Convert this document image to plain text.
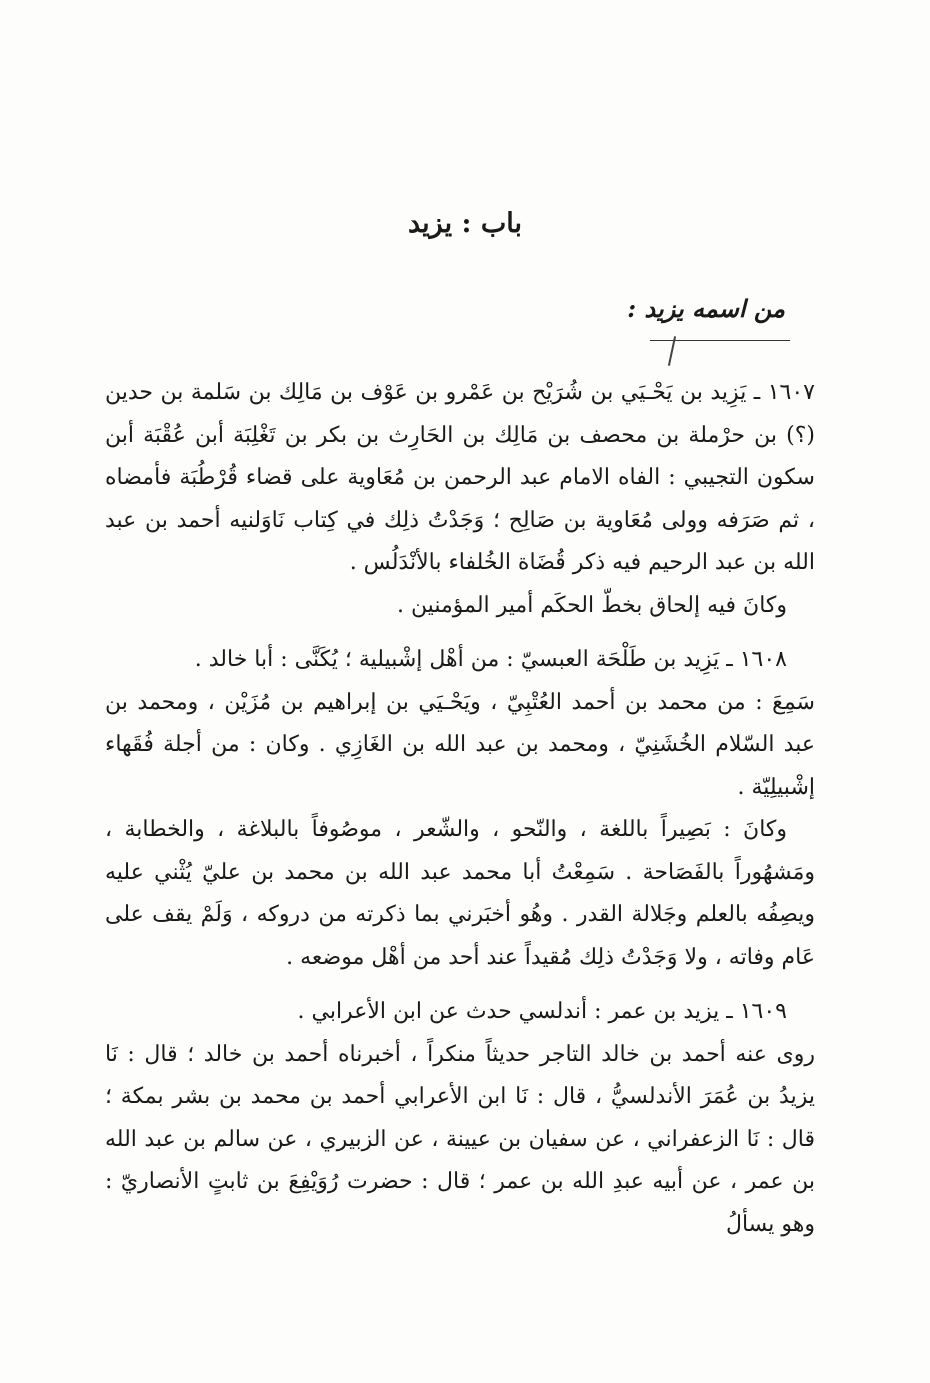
باب : يزيد
من اسمه يزيد :

١٦٠٧ ـ يَزِيد بن يَحْـيَي بن شُرَيْح بن عَمْرو بن عَوْف بن مَالِك بن سَلمة بن حدين (؟) بن حرْملة بن محصف بن مَالِك بن الحَارِث بن بكر بن تَغْلِبَة أبن عُقْبَة أبن سكون التجيبي : الفاه الامام عبد الرحمن بن مُعَاوية على قضاء قُرْطُبَة فأمضاه ، ثم صَرَفه وولى مُعَاوية بن صَالِح ؛ وَجَدْتُ ذلِك في كِتاب نَاوَلنيه أحمد بن عبد الله بن عبد الرحيم فيه ذكر قُضَاة الخُلفاء بالأنْدَلُس .

وكانَ فيه إلحاق بخطّ الحكَم أمير المؤمنين .

١٦٠٨ ـ يَزِيد بن طَلْحَة العبسيّ : من أهْل إشْبيلية ؛ يُكَنَّى : أبا خالد .

سَمِعَ : من محمد بن أحمد العُتْبِيّ ، ويَحْـيَي بن إبراهيم بن مُزَيْن ، ومحمد بن عبد السّلام الخُشَنِيّ ، ومحمد بن عبد الله بن الغَازِي . وكان : من أجلة فُقَهاء إشْبيلِيّة .

وكانَ : بَصِيراً باللغة ، والنّحو ، والشّعر ، موصُوفاً بالبلاغة ، والخطابة ، ومَشهُوراً بالفَصَاحة . سَمِعْتُ أبا محمد عبد الله بن محمد بن عليّ يُثْني عليه ويصِفُه بالعلم وجَلالة القدر . وهُو أخبَرني بما ذكرته من دروكه ، وَلَمْ يقف على عَام وفاته ، ولا وَجَدْتُ ذلِك مُقيداً عند أحد من أهْل موضعه .

١٦٠٩ ـ يزيد بن عمر : أندلسي حدث عن ابن الأعرابي .

روى عنه أحمد بن خالد التاجر حديثاً منكراً ، أخبرناه أحمد بن خالد ؛ قال : نَا يزيدُ بن عُمَرَ الأندلسيُّ ، قال : نَا ابن الأعرابي أحمد بن محمد بن بشر بمكة ؛ قال : نَا الزعفراني ، عن سفيان بن عيينة ، عن الزبيري ، عن سالم بن عبد الله بن عمر ، عن أبيه عبدِ الله بن عمر ؛ قال : حضرت رُوَيْفِعَ بن ثابتٍ الأنصاريّ : وهو يسألُ
